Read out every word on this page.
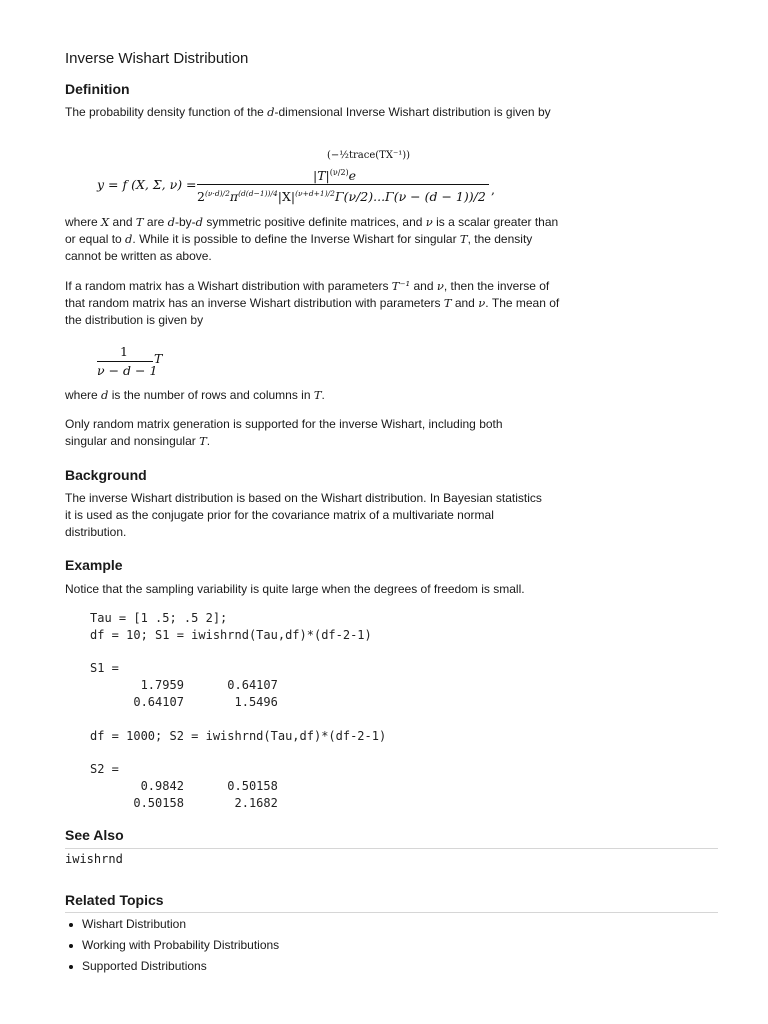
Inverse Wishart Distribution
Definition

The probability density function of the d-dimensional Inverse Wishart distribution is given by

y = f (X, Σ, ν) =
(−½trace(TX⁻¹))
$|T|^{(\nu/2)}e$
$2^{(\nu\cdot d)/2}\pi^{(d(d-1))/4}|X|^{(\nu+d+1)/2}\Gamma(\nu/2)...\Gamma(\nu - (d - 1))/2$ ,

where X and T are d-by-d symmetric positive definite matrices, and ν is a scalar greater than or equal to d. While it is possible to define the Inverse Wishart for singular T, the density cannot be written as above.

If a random matrix has a Wishart distribution with parameters T⁻¹ and ν, then the inverse of that random matrix has an inverse Wishart distribution with parameters T and ν. The mean of the distribution is given by

1
ν − d − 1
T

where d is the number of rows and columns in T.

Only random matrix generation is supported for the inverse Wishart, including both singular and nonsingular T.

Background

The inverse Wishart distribution is based on the Wishart distribution. In Bayesian statistics it is used as the conjugate prior for the covariance matrix of a multivariate normal distribution.

Example

Notice that the sampling variability is quite large when the degrees of freedom is small.

Tau = [1 .5; .5 2];
df = 10; S1 = iwishrnd(Tau,df)*(df-2-1)
S1 =
1.7959      0.64107
0.64107       1.5496
df = 1000; S2 = iwishrnd(Tau,df)*(df-2-1)
S2 =
0.9842      0.50158
0.50158       2.1682
See Also
iwishrnd
Related Topics
Wishart Distribution
Working with Probability Distributions
Supported Distributions
